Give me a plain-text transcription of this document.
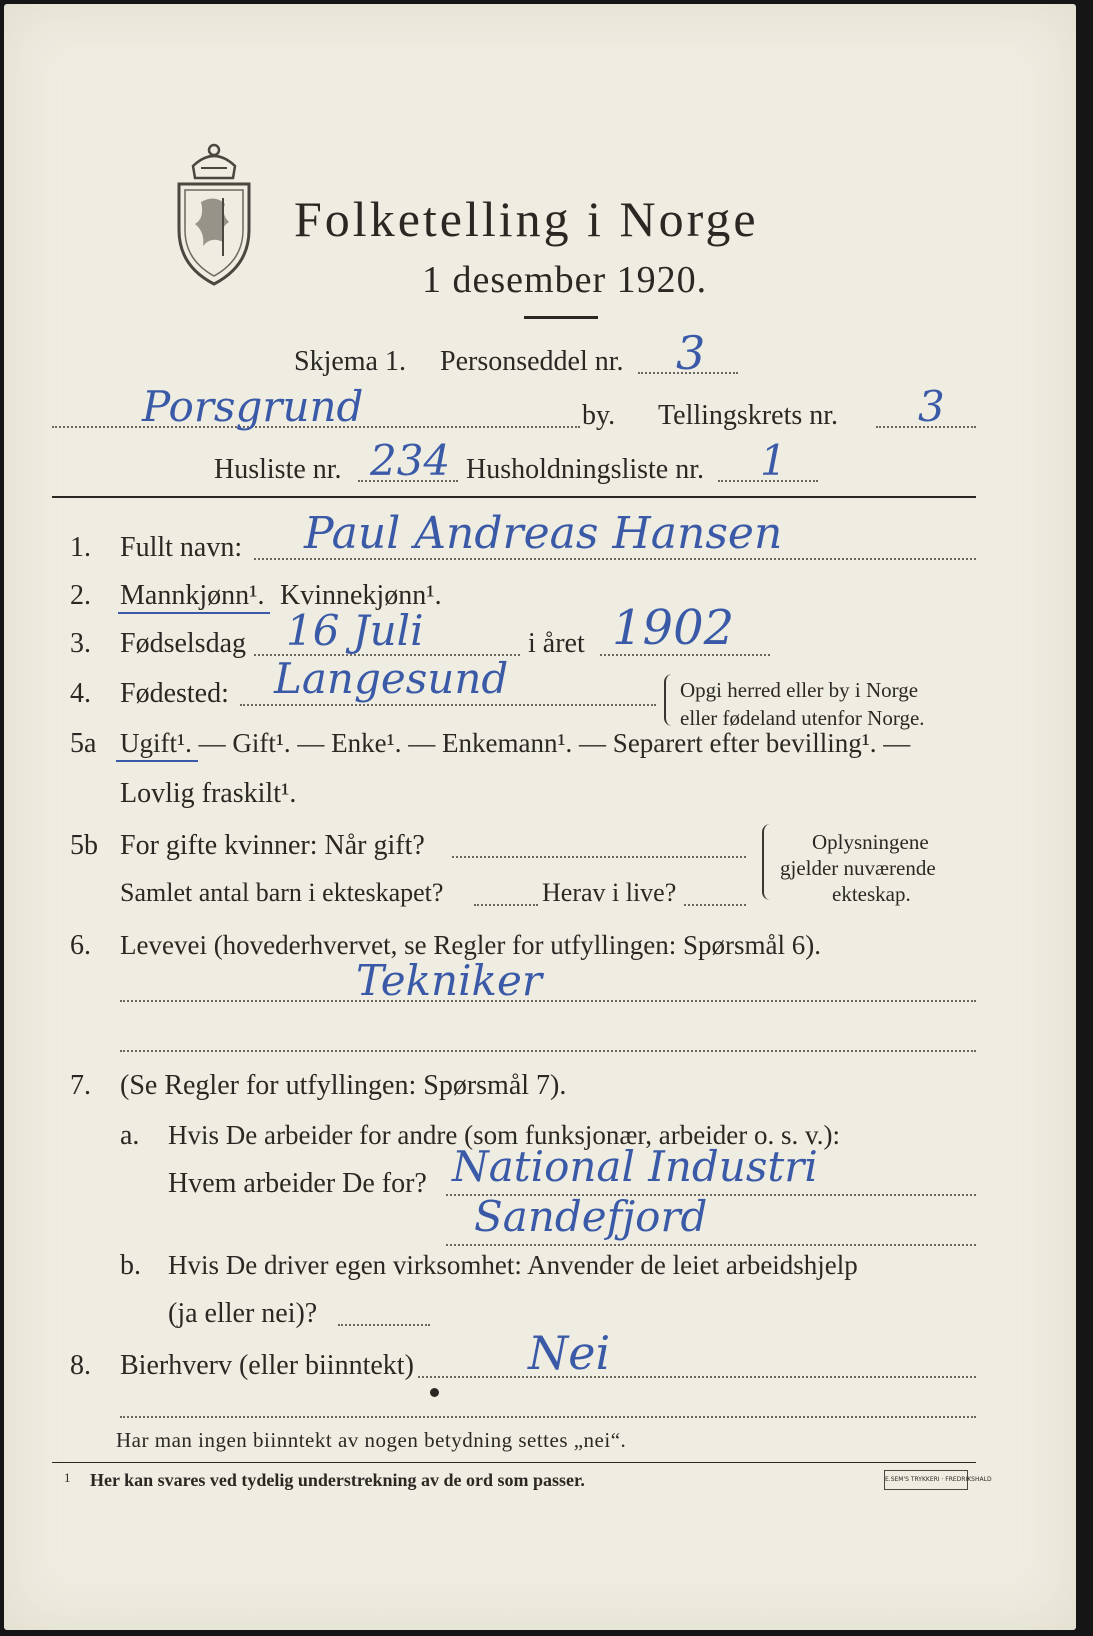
Folketelling i Norge
1 desember 1920.
Skjema 1. Personseddel nr. 3
Porsgrund	by. Tellingskrets nr. 3
Husliste nr. 234 Husholdningsliste nr. 1
1. Fullt navn: Paul Andreas Hansen
2. Mannkjønn¹. Kvinnekjønn¹.
3. Fødselsdag 16 Juli	i året 1902
4. Fødested: Langesund	Opgi herred eller by i Norge
eller fødeland utenfor Norge.
5a Ugift¹. — Gift¹. — Enke¹. — Enkemann¹. — Separert efter bevilling¹. —
Lovlig fraskilt¹.
5b For gifte kvinner: Når gift?
Samlet antal barn i ekteskapet?	Herav i live?
Oplysningene
gjelder nuværende
ekteskap.
6. Levevei (hovederhvervet, se Regler for utfyllingen: Spørsmål 6).
Tekniker
7. (Se Regler for utfyllingen: Spørsmål 7).
a. Hvis De arbeider for andre (som funksjonær, arbeider o. s. v.):
Hvem arbeider De for? National Industri
Sandefjord
b. Hvis De driver egen virksomhet: Anvender de leiet arbeidshjelp
(ja eller nei)?
8. Bierhverv (eller biinntekt) Nei
Har man ingen biinntekt av nogen betydning settes „nei“.
1 Her kan svares ved tydelig understrekning av de ord som passer.	E.SEM'S TRYKKERI · FREDRIKSHALD
